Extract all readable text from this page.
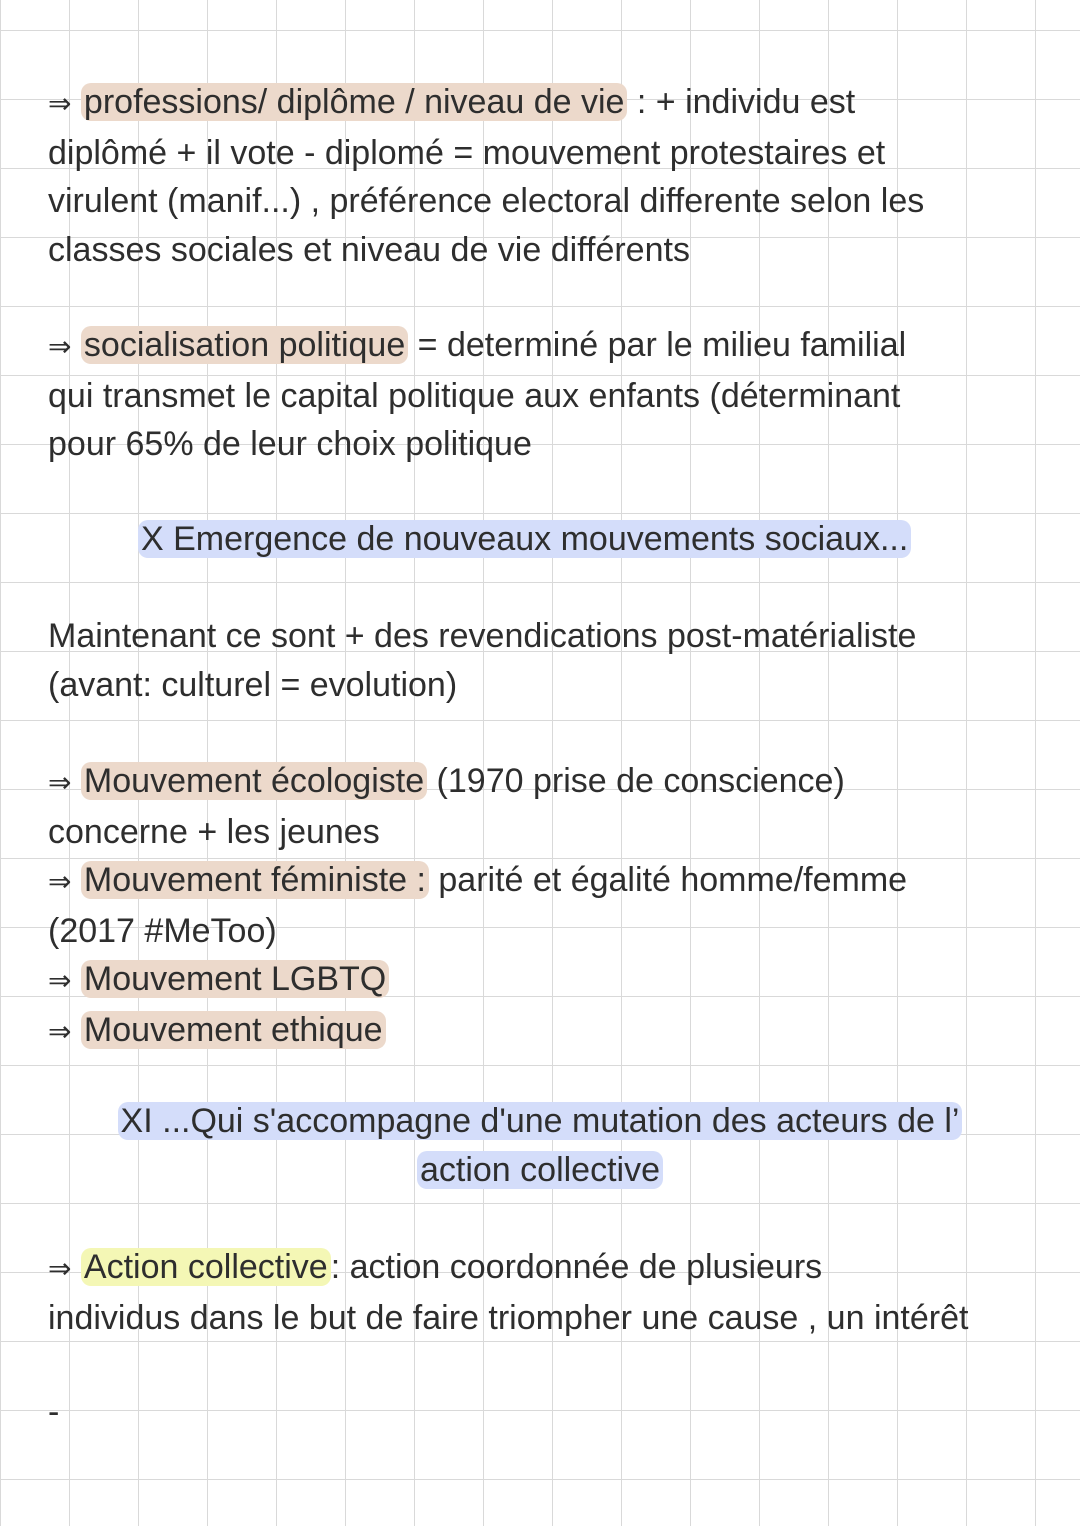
⇒ professions/ diplôme / niveau de vie : + individu est
diplômé + il vote - diplomé = mouvement protestaires et
virulent (manif...) , préférence electoral differente selon les
classes sociales et niveau de vie différents
⇒ socialisation politique = determiné par le milieu familial
qui transmet le capital politique aux enfants (déterminant
pour 65% de leur choix politique
X Emergence de nouveaux mouvements sociaux...
Maintenant ce sont + des revendications post-matérialiste
(avant: culturel = evolution)
⇒ Mouvement écologiste (1970 prise de conscience)
concerne + les jeunes
⇒ Mouvement féministe : parité et égalité homme/femme
(2017 #MeToo)
⇒ Mouvement LGBTQ
⇒ Mouvement ethique
XI ...Qui s'accompagne d'une mutation des acteurs de l’
action collective
⇒ Action collective: action coordonnée de plusieurs
individus dans le but de faire triompher une cause , un intérêt
-
